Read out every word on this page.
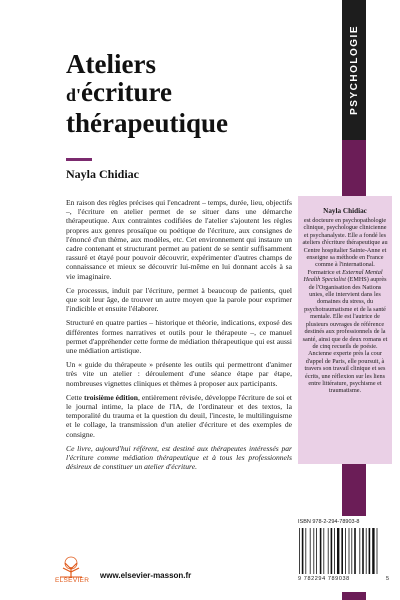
PSYCHOLOGIE
Ateliers
d'écriture
thérapeutique
Nayla Chidiac

En raison des règles précises qui l'encadrent – temps, durée, lieu, objectifs –, l'écriture en atelier permet de se situer dans une démarche thérapeutique. Aux contraintes codifiées de l'atelier s'ajoutent les règles propres aux genres prosaïque ou poétique de l'écriture, aux consignes de l'énoncé d'un thème, aux modèles, etc. Cet environnement qui instaure un cadre contenant et structurant permet au patient de se sentir suffisamment rassuré et étayé pour pouvoir découvrir, expérimenter d'autres champs de connaissance et mieux se découvrir lui-même en lui donnant accès à sa vie imaginaire.

Ce processus, induit par l'écriture, permet à beaucoup de patients, quel que soit leur âge, de trouver un autre moyen que la parole pour exprimer l'indicible et ensuite l'élaborer.

Structuré en quatre parties – historique et théorie, indications, exposé des différentes formes narratives et outils pour le thérapeute –, ce manuel permet d'appréhender cette forme de médiation thérapeutique qui est aussi une médiation artistique.

Un « guide du thérapeute » présente les outils qui permettront d'animer très vite un atelier : déroulement d'une séance étape par étape, nombreuses vignettes cliniques et thèmes à proposer aux participants.

Cette troisième édition, entièrement révisée, développe l'écriture de soi et le journal intime, la place de l'IA, de l'ordinateur et des textos, la temporalité du trauma et la question du deuil, l'inceste, le multilinguisme et le collage, la transmission d'un atelier d'écriture et des exemples de consigne.

Ce livre, aujourd'hui référent, est destiné aux thérapeutes intéressés par l'écriture comme médiation thérapeutique et à tous les professionnels désireux de constituer un atelier d'écriture.

Nayla Chidiac
est docteure en psychopathologie clinique, psychologue clinicienne et psychanalyste. Elle a fondé les ateliers d'écriture thérapeutique au Centre hospitalier Sainte-Anne et enseigne sa méthode en France comme à l'international. Formatrice et External Mental Health Specialist (EMHS) auprès de l'Organisation des Nations unies, elle intervient dans les domaines du stress, du psychotraumatisme et de la santé mentale. Elle est l'autrice de plusieurs ouvrages de référence destinés aux professionnels de la santé, ainsi que de deux romans et de cinq recueils de poésie. Ancienne experte près la cour d'appel de Paris, elle poursuit, à travers son travail clinique et ses écrits, une réflexion sur les liens entre littérature, psychisme et traumatisme.
ELSEVIER
www.elsevier-masson.fr
ISBN 978-2-294-78903-8
9 782294 789038	5
